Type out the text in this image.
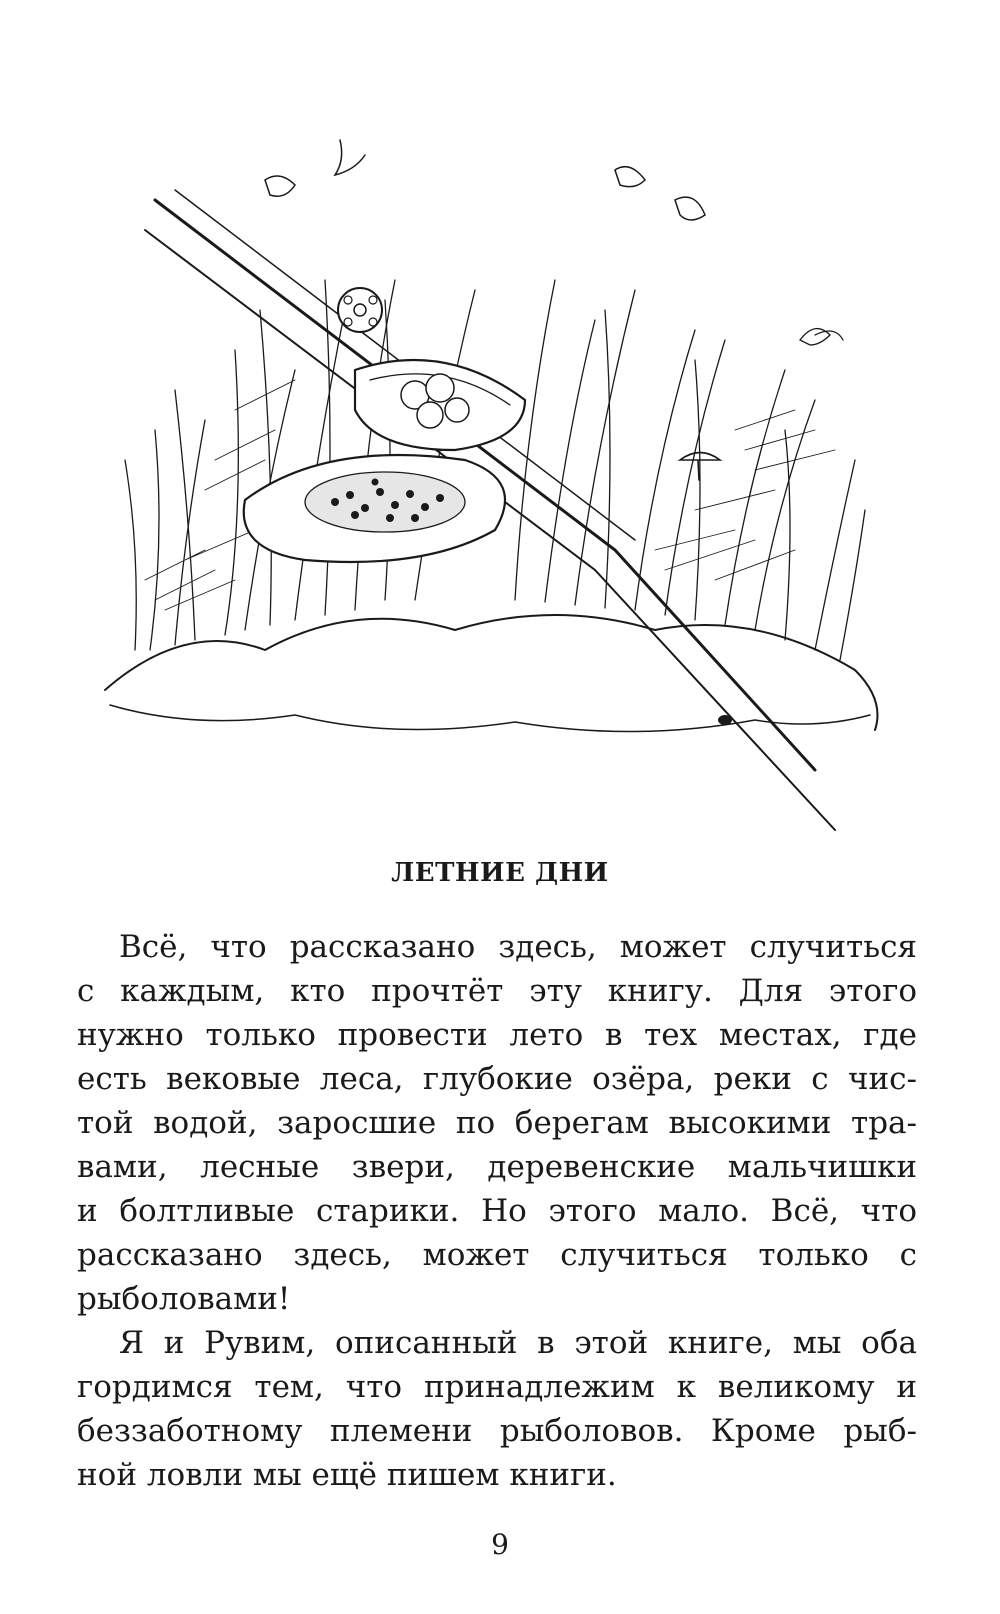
ЛЕТНИЕ ДНИ
Всё, что рассказано здесь, может случиться
с каждым, кто прочтёт эту книгу. Для этого
нужно только провести лето в тех местах, где
есть вековые леса, глубокие озёра, реки с чис-
той водой, заросшие по берегам высокими тра-
вами, лесные звери, деревенские мальчишки
и болтливые старики. Но этого мало. Всё, что
рассказано здесь, может случиться только с
рыболовами!
Я и Рувим, описанный в этой книге, мы оба
гордимся тем, что принадлежим к великому и
беззаботному племени рыболовов. Кроме рыб-
ной ловли мы ещё пишем книги.
9
